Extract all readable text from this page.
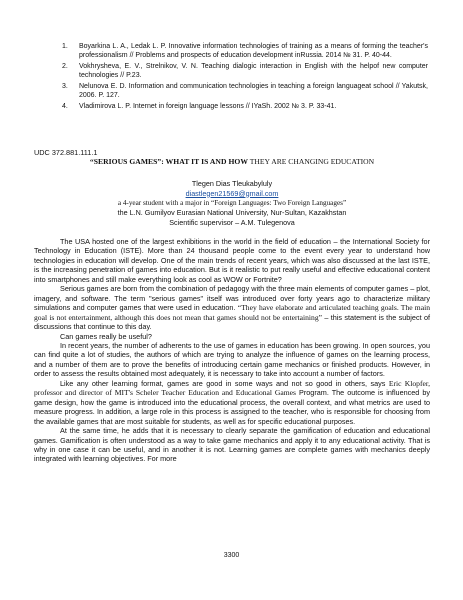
1.	Boyarkina L. A., Ledak L. P. Innovative information technologies of training as a means of forming the teacher's professionalism // Problems and prospects of education development inRussia. 2014 № 31. P. 40-44.
2.	Vokhrysheva, E. V., Strelnikov, V. N. Teaching dialogic interaction in English with the helpof new computer technologies // P.23.
3.	Nelunova E. D. Information and communication technologies in teaching a foreign languageat school // Yakutsk, 2006. P. 127.
4.	Vladimirova L. P. Internet in foreign language lessons // IYaSh. 2002 № 3. P. 33-41.
UDC 372.881.111.1
“SERIOUS GAMES”: WHAT IT IS AND HOW THEY ARE CHANGING EDUCATION
Tlegen Dias Tleukabyluly
diastlegen21569@gmail.com
a 4-year student with a major in “Foreign Languages: Two Foreign Languages”
the L.N. Gumilyov Eurasian National University, Nur-Sultan, Kazakhstan
Scientific supervisor – A.M. Tulegenova

The USA hosted one of the largest exhibitions in the world in the field of education – the International Society for Technology in Education (ISTE). More than 24 thousand people come to the event every year to understand how technologies in education will develop. One of the main trends of recent years, which was also discussed at the last ISTE, is the increasing penetration of games into education. But is it realistic to put really useful and effective educational content into smartphones and still make everything look as cool as WOW or Fortnite?

Serious games are born from the combination of pedagogy with the three main elements of computer games – plot, imagery, and software. The term "serious games" itself was introduced over forty years ago to characterize military simulations and computer games that were used in education. “They have elaborate and articulated teaching goals. The main goal is not entertainment, although this does not mean that games should not be entertaining” – this statement is the subject of discussions that continue to this day.

Can games really be useful?

In recent years, the number of adherents to the use of games in education has been growing. In open sources, you can find quite a lot of studies, the authors of which are trying to analyze the influence of games on the learning process, and a number of them are to prove the benefits of introducing certain game mechanics or finished products. However, in order to assess the results obtained most adequately, it is necessary to take into account a number of factors.

Like any other learning format, games are good in some ways and not so good in others, says Eric Klopfer, professor and director of MIT's Scheler Teacher Education and Educational Games Program. The outcome is influenced by game design, how the game is introduced into the educational process, the overall context, and what metrics are used to measure progress. In addition, a large role in this process is assigned to the teacher, who is responsible for choosing from the available games that are most suitable for students, as well as for specific educational purposes.

At the same time, he adds that it is necessary to clearly separate the gamification of education and educational games. Gamification is often understood as a way to take game mechanics and apply it to any educational activity. That is why in one case it can be useful, and in another it is not. Learning games are complete games with mechanics deeply integrated with learning objectives. For more

3300
